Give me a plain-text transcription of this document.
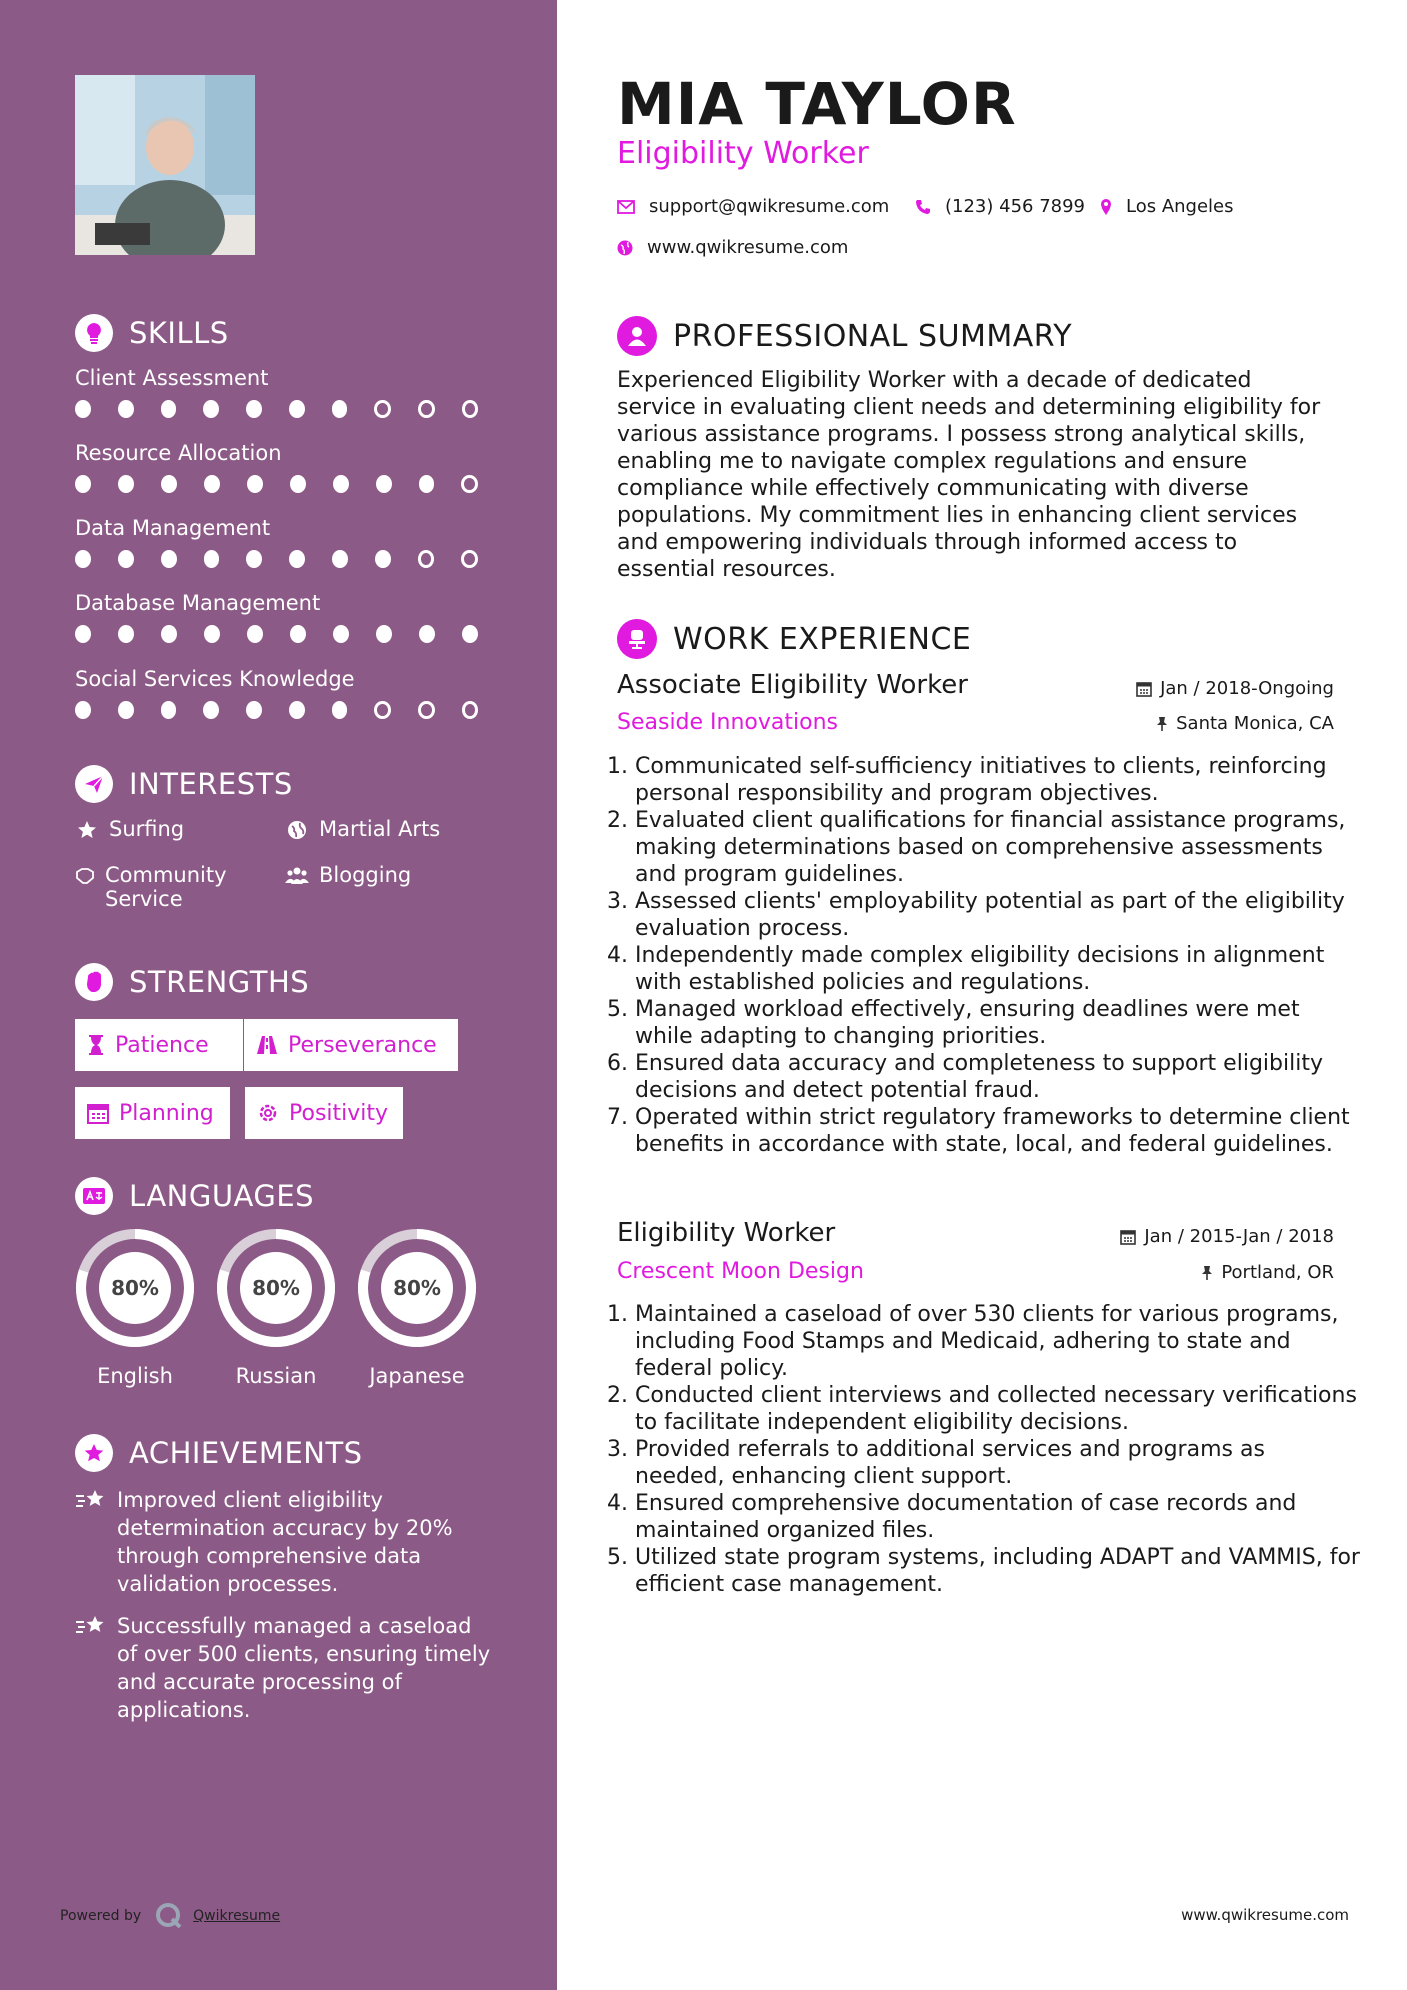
SKILLS
Client Assessment
Resource Allocation
Data Management
Database Management
Social Services Knowledge
INTERESTS
Surfing	Martial Arts
Community Service
Blogging
STRENGTHS
Patience	Perseverance
Planning	Positivity
LANGUAGES
80%
English
80%
Russian
80%
Japanese
ACHIEVEMENTS
Improved client eligibility determination accuracy by 20% through comprehensive data validation processes.
Successfully managed a caseload of over 500 clients, ensuring timely and accurate processing of applications.
Powered by	Qwikresume
MIA TAYLOR
Eligibility Worker
support@qwikresume.com	(123) 456 7899 Los Angeles
www.qwikresume.com
PROFESSIONAL SUMMARY
Experienced Eligibility Worker with a decade of dedicated service in evaluating client needs and determining eligibility for various assistance programs. I possess strong analytical skills, enabling me to navigate complex regulations and ensure compliance while effectively communicating with diverse populations. My commitment lies in enhancing client services and empowering individuals through informed access to essential resources.
WORK EXPERIENCE
Associate Eligibility Worker	Jan / 2018-Ongoing
Seaside Innovations	Santa Monica, CA
1. Communicated self-sufficiency initiatives to clients, reinforcing personal responsibility and program objectives.
2. Evaluated client qualifications for financial assistance programs, making determinations based on comprehensive assessments and program guidelines.
3. Assessed clients' employability potential as part of the eligibility evaluation process.
4. Independently made complex eligibility decisions in alignment with established policies and regulations.
5. Managed workload effectively, ensuring deadlines were met while adapting to changing priorities.
6. Ensured data accuracy and completeness to support eligibility decisions and detect potential fraud.
7. Operated within strict regulatory frameworks to determine client benefits in accordance with state, local, and federal guidelines.
Eligibility Worker	Jan / 2015-Jan / 2018
Crescent Moon Design	Portland, OR
1. Maintained a caseload of over 530 clients for various programs, including Food Stamps and Medicaid, adhering to state and federal policy.
2. Conducted client interviews and collected necessary verifications to facilitate independent eligibility decisions.
3. Provided referrals to additional services and programs as needed, enhancing client support.
4. Ensured comprehensive documentation of case records and maintained organized files.
5. Utilized state program systems, including ADAPT and VAMMIS, for efficient case management.
www.qwikresume.com
